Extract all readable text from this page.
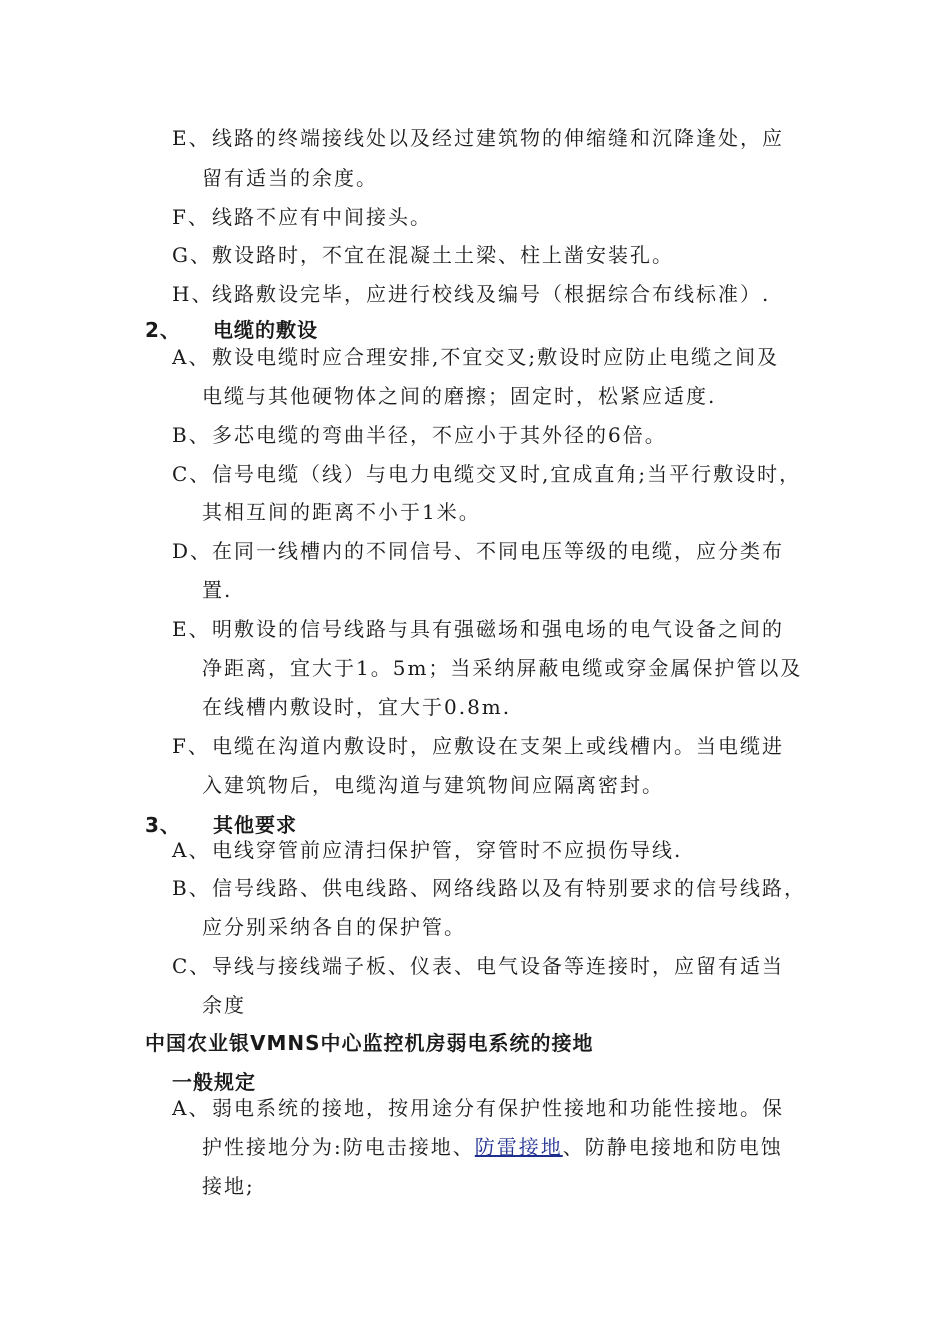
E、线路的终端接线处以及经过建筑物的伸缩缝和沉降逢处，应
留有适当的余度。
F、 线路不应有中间接头。
G、敷设路时，不宜在混凝土土梁、柱上凿安装孔。
H、线路敷设完毕，应进行校线及编号（根据综合布线标准）.
2、 电缆的敷设
A、敷设电缆时应合理安排,不宜交叉;敷设时应防止电缆之间及
电缆与其他硬物体之间的磨擦；固定时，松紧应适度.
B、多芯电缆的弯曲半径，不应小于其外径的6倍。
C、信号电缆（线）与电力电缆交叉时,宜成直角;当平行敷设时，
其相互间的距离不小于1米。
D、在同一线槽内的不同信号、不同电压等级的电缆，应分类布
置.
E、明敷设的信号线路与具有强磁场和强电场的电气设备之间的
净距离，宜大于1。5m；当采纳屏蔽电缆或穿金属保护管以及
在线槽内敷设时，宜大于0.8m.
F、 电缆在沟道内敷设时，应敷设在支架上或线槽内。当电缆进
入建筑物后，电缆沟道与建筑物间应隔离密封。
3、 其他要求
A、电线穿管前应清扫保护管，穿管时不应损伤导线.
B、信号线路、供电线路、网络线路以及有特别要求的信号线路，
应分别采纳各自的保护管。
C、导线与接线端子板、仪表、电气设备等连接时，应留有适当
余度
中国农业银VMNS中心监控机房弱电系统的接地
一般规定
A、弱电系统的接地，按用途分有保护性接地和功能性接地。保
护性接地分为:防电击接地、防雷接地、防静电接地和防电蚀
接地;
